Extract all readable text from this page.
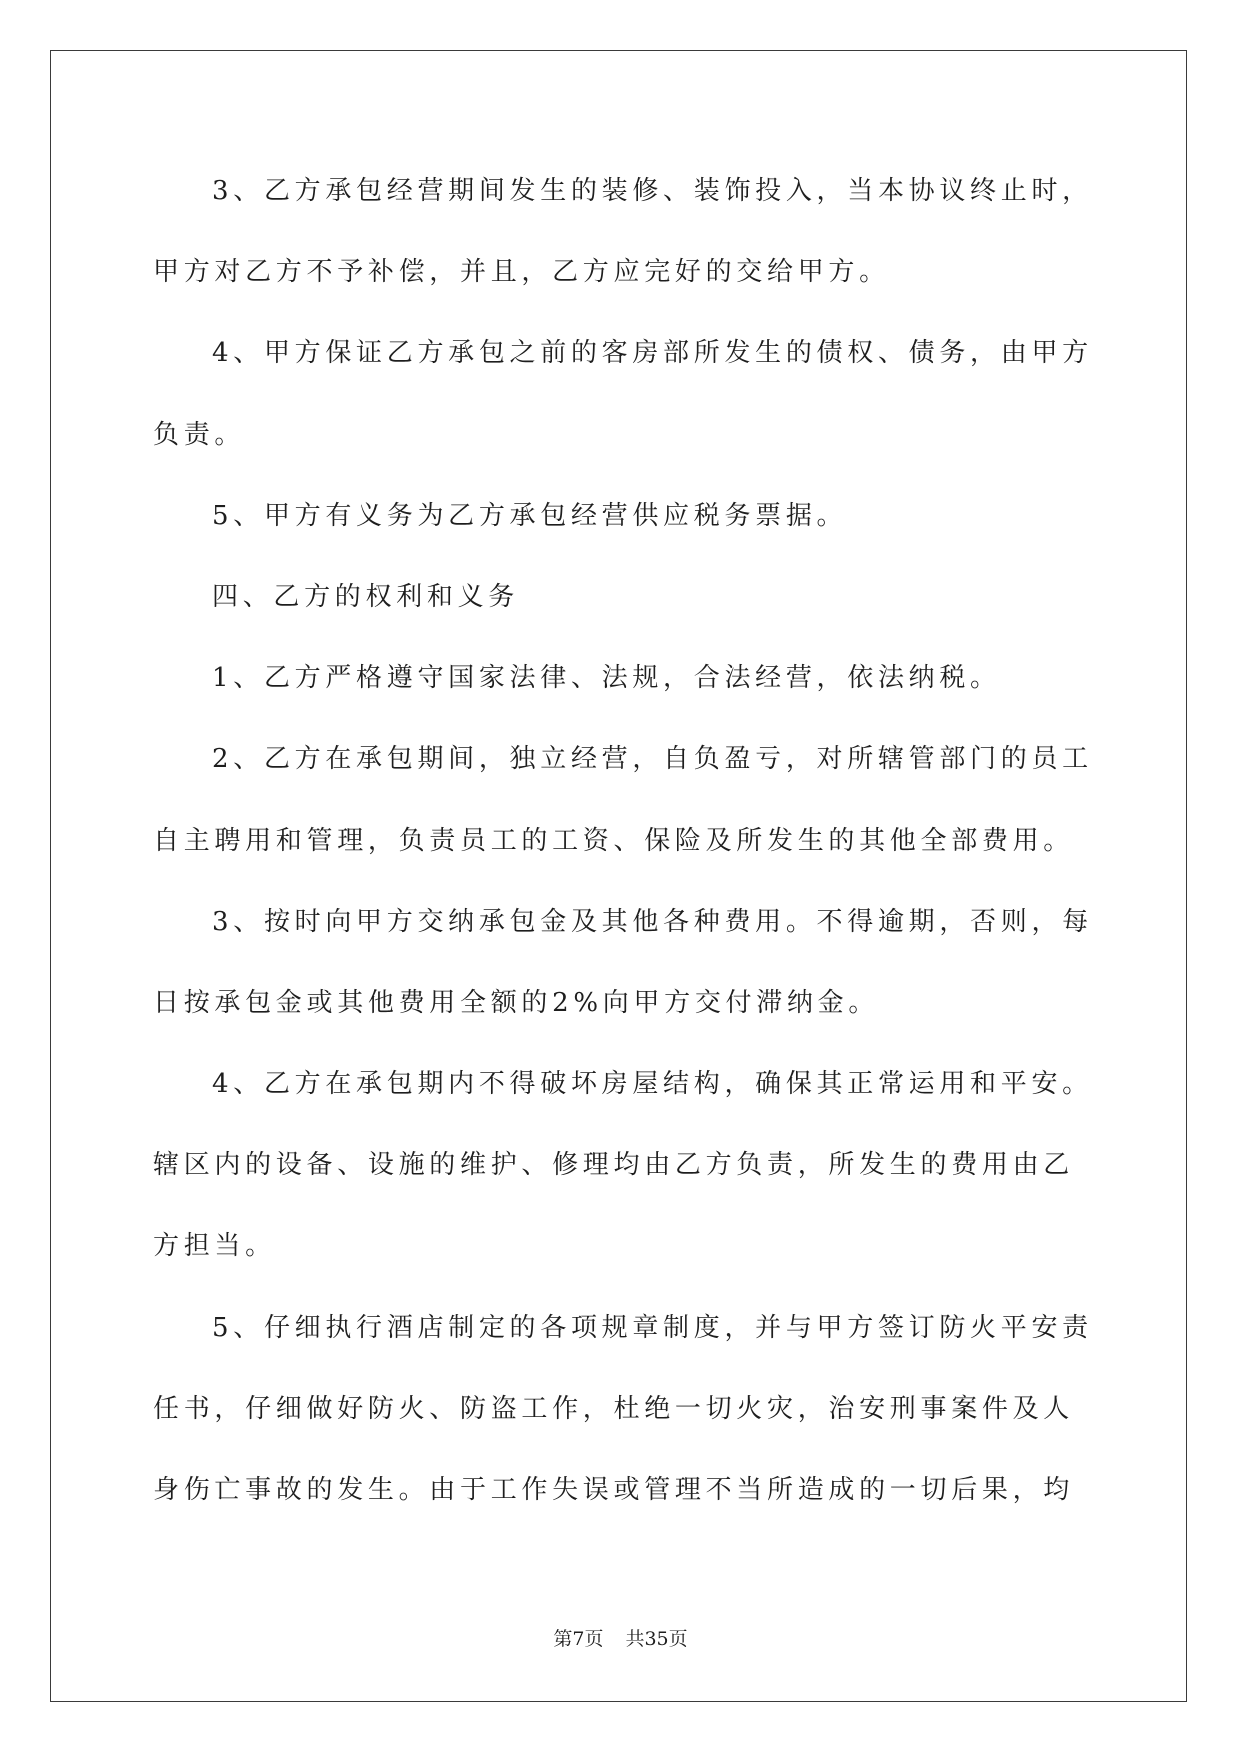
3、乙方承包经营期间发生的装修、装饰投入，当本协议终止时，
甲方对乙方不予补偿，并且，乙方应完好的交给甲方。
4、甲方保证乙方承包之前的客房部所发生的债权、债务，由甲方
负责。
5、甲方有义务为乙方承包经营供应税务票据。
四、乙方的权利和义务
1、乙方严格遵守国家法律、法规，合法经营，依法纳税。
2、乙方在承包期间，独立经营，自负盈亏，对所辖管部门的员工
自主聘用和管理，负责员工的工资、保险及所发生的其他全部费用。
3、按时向甲方交纳承包金及其他各种费用。不得逾期，否则，每
日按承包金或其他费用全额的2%向甲方交付滞纳金。
4、乙方在承包期内不得破坏房屋结构，确保其正常运用和平安。
辖区内的设备、设施的维护、修理均由乙方负责，所发生的费用由乙
方担当。
5、仔细执行酒店制定的各项规章制度，并与甲方签订防火平安责
任书，仔细做好防火、防盗工作，杜绝一切火灾，治安刑事案件及人
身伤亡事故的发生。由于工作失误或管理不当所造成的一切后果，均
第7页 共35页
